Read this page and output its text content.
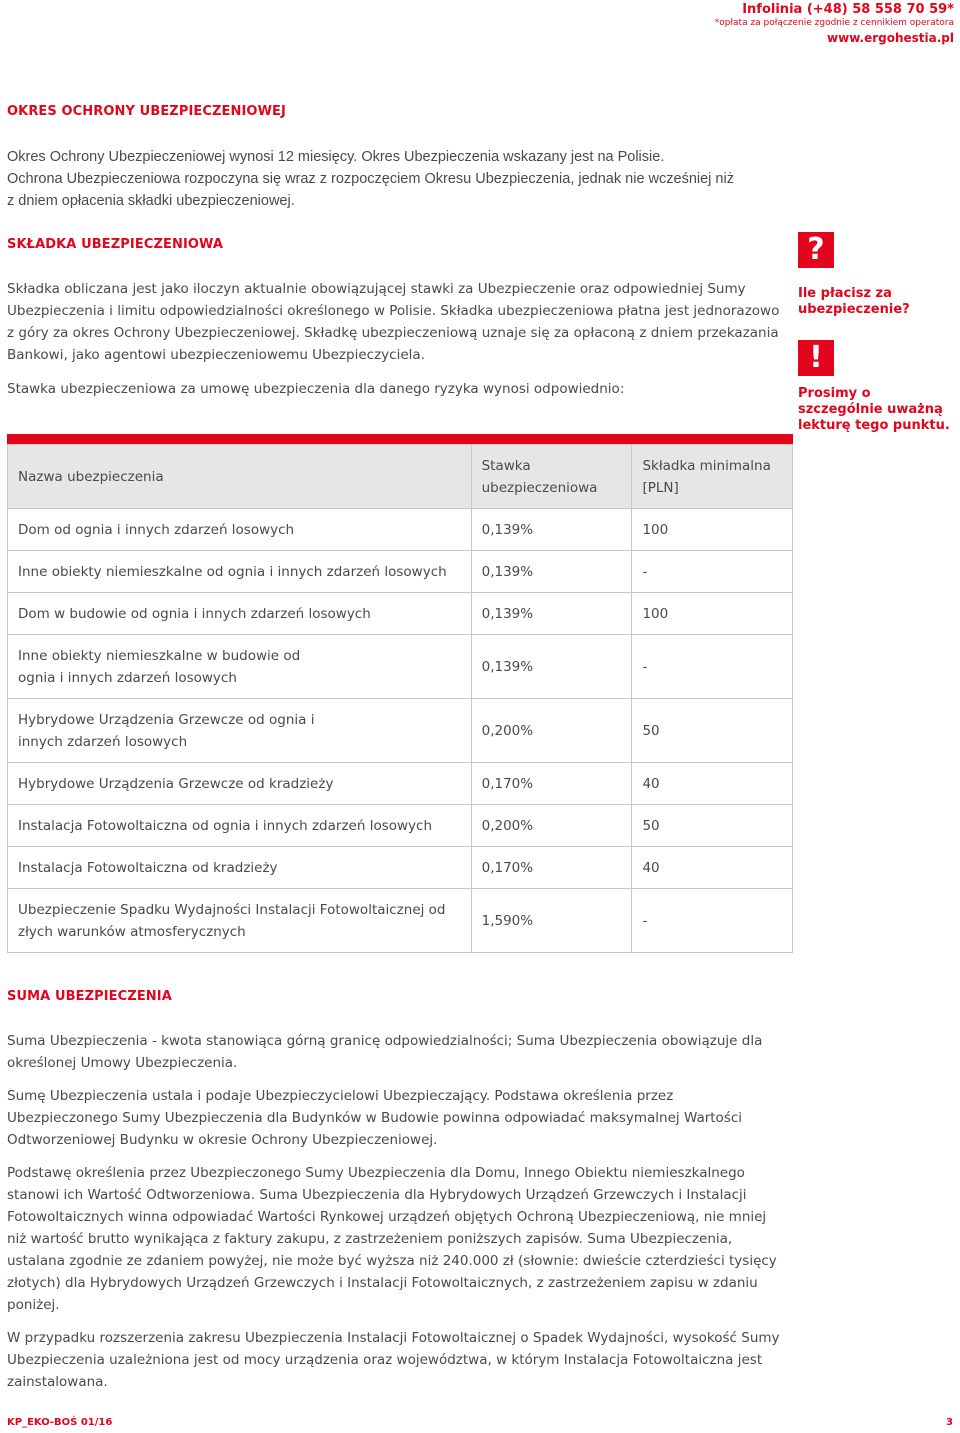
Infolinia (+48) 58 558 70 59*
*opłata za połączenie zgodnie z cennikiem operatora
www.ergohestia.pl
OKRES OCHRONY UBEZPIECZENIOWEJ
Okres Ochrony Ubezpieczeniowej wynosi 12 miesięcy. Okres Ubezpieczenia wskazany jest na Polisie.
Ochrona Ubezpieczeniowa rozpoczyna się wraz z rozpoczęciem Okresu Ubezpieczenia, jednak nie wcześniej niż
z dniem opłacenia składki ubezpieczeniowej.
SKŁADKA UBEZPIECZENIOWA
Składka obliczana jest jako iloczyn aktualnie obowiązującej stawki za Ubezpieczenie oraz odpowiedniej Sumy
Ubezpieczenia i limitu odpowiedzialności określonego w Polisie. Składka ubezpieczeniowa płatna jest jednorazowo
z góry za okres Ochrony Ubezpieczeniowej. Składkę ubezpieczeniową uznaje się za opłaconą z dniem przekazania
Bankowi, jako agentowi ubezpieczeniowemu Ubezpieczyciela.
Stawka ubezpieczeniowa za umowę ubezpieczenia dla danego ryzyka wynosi odpowiednio:
?
Ile płacisz za ubezpieczenie?
!
Prosimy o szczególnie uważną lekturę tego punktu.
Nazwa ubezpieczenia	Stawka ubezpieczeniowa	Składka minimalna [PLN]
Dom od ognia i innych zdarzeń losowych	0,139%	100
Inne obiekty niemieszkalne od ognia i innych zdarzeń losowych	0,139%	-
Dom w budowie od ognia i innych zdarzeń losowych	0,139%	100
Inne obiekty niemieszkalne w budowie od ognia i innych zdarzeń losowych	0,139%	-
Hybrydowe Urządzenia Grzewcze od ognia i innych zdarzeń losowych	0,200%	50
Hybrydowe Urządzenia Grzewcze od kradzieży	0,170%	40
Instalacja Fotowoltaiczna od ognia i innych zdarzeń losowych	0,200%	50
Instalacja Fotowoltaiczna od kradzieży	0,170%	40
Ubezpieczenie Spadku Wydajności Instalacji Fotowoltaicznej od złych warunków atmosferycznych	1,590%	-
SUMA UBEZPIECZENIA

Suma Ubezpieczenia - kwota stanowiąca górną granicę odpowiedzialności; Suma Ubezpieczenia obowiązuje dla określonej Umowy Ubezpieczenia.

Sumę Ubezpieczenia ustala i podaje Ubezpieczycielowi Ubezpieczający. Podstawa określenia przez Ubezpieczonego Sumy Ubezpieczenia dla Budynków w Budowie powinna odpowiadać maksymalnej Wartości Odtworzeniowej Budynku w okresie Ochrony Ubezpieczeniowej.

Podstawę określenia przez Ubezpieczonego Sumy Ubezpieczenia dla Domu, Innego Obiektu niemieszkalnego stanowi ich Wartość Odtworzeniowa. Suma Ubezpieczenia dla Hybrydowych Urządzeń Grzewczych i Instalacji Fotowoltaicznych winna odpowiadać Wartości Rynkowej urządzeń objętych Ochroną Ubezpieczeniową, nie mniej niż wartość brutto wynikająca z faktury zakupu, z zastrzeżeniem poniższych zapisów. Suma Ubezpieczenia, ustalana zgodnie ze zdaniem powyżej, nie może być wyższa niż 240.000 zł (słownie: dwieście czterdzieści tysięcy złotych) dla Hybrydowych Urządzeń Grzewczych i Instalacji Fotowoltaicznych, z zastrzeżeniem zapisu w zdaniu poniżej.

W przypadku rozszerzenia zakresu Ubezpieczenia Instalacji Fotowoltaicznej o Spadek Wydajności, wysokość Sumy Ubezpieczenia uzależniona jest od mocy urządzenia oraz województwa, w którym Instalacja Fotowoltaiczna jest zainstalowana.

KP_EKO-BOŚ 01/16	3
